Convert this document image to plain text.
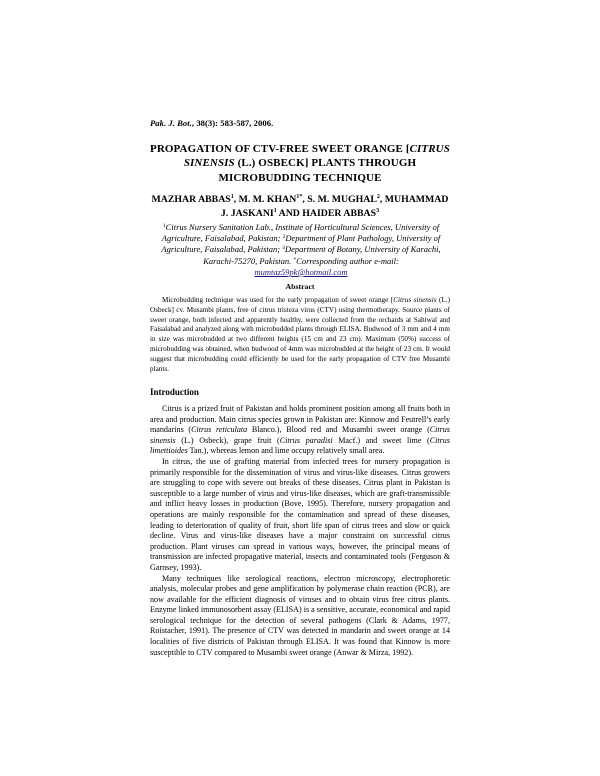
Pak. J. Bot., 38(3): 583-587, 2006.
PROPAGATION OF CTV-FREE SWEET ORANGE [CITRUS SINENSIS (L.) OSBECK] PLANTS THROUGH MICROBUDDING TECHNIQUE
MAZHAR ABBAS$^1$, M. M. $KHAN^{1*}$, S. M. MUGHAL$^2$, MUHAMMAD J. JASKANI$^1$ AND HAIDER ABBAS$^3$
$^1$Citrus Nursery Sanitation Lab., Institute of Horticultural Sciences, University of Agriculture, Faisalabad, Pakistan; $^2$Department of Plant Pathology, University of Agriculture, Faisalabad, Pakistan; $^3$Department of Botany, University of Karachi, Karachi-75270, Pakistan. *Corresponding author e-mail: mumtaz59pk@hotmail.com
Abstract

Microbudding technique was used for the early propagation of sweet orange [Citrus sinensis (L.) Osbeck] cv. Musambi plants, free of citrus tristeza virus (CTV) using thermotherapy. Source plants of sweet orange, both infected and apparently healthy, were collected from the orchards at Sahiwal and Faisalabad and analyzed along with microbudded plants through ELISA. Budwood of 3 mm and 4 mm in size was microbudded at two different heights (15 cm and 23 cm). Maximum (50%) success of microbudding was obtained, when budwood of 4mm was microbudded at the height of 23 cm. It would suggest that microbudding could efficiently be used for the early propagation of CTV free Musambi plants.

Introduction

Citrus is a prized fruit of Pakistan and holds prominent position among all fruits both in area and production. Main citrus species grown in Pakistan are: Kinnow and Feutrell’s early mandarins (Citrus reticulata Blanco.), Blood red and Musambi sweet orange (Citrus sinensis (L.) Osbeck), grape fruit (Citrus paradisi Macf.) and sweet lime (Citrus limettioides Tan.), whereas lemon and lime occupy relatively small area.

In citrus, the use of grafting material from infected trees for nursery propagation is primarily responsible for the dissemination of virus and virus-like diseases. Citrus growers are struggling to cope with severe out breaks of these diseases. Citrus plant in Pakistan is susceptible to a large number of virus and virus-like diseases, which are graft-transmissible and inflict heavy losses in production (Bove, 1995). Therefore, nursery propagation and operations are mainly responsible for the contamination and spread of these diseases, leading to deterioration of quality of fruit, short life span of citrus trees and slow or quick decline. Virus and virus-like diseases have a major constraint on successful citrus production. Plant viruses can spread in various ways, however, the principal means of transmission are infected propagative material, insects and contaminated tools (Ferguson & Garnsey, 1993).

Many techniques like serological reactions, electron microscopy, electrophoretic analysis, molecular probes and gene amplification by polymerase chain reaction (PCR), are now available for the efficient diagnosis of viruses and to obtain virus free citrus plants. Enzyme linked immunosorbent assay (ELISA) is a sensitive, accurate, economical and rapid serological technique for the detection of several pathogens (Clark & Adams, 1977, Roistacher, 1991). The presence of CTV was detected in mandarin and sweet orange at 14 localities of five districts of Pakistan through ELISA. It was found that Kinnow is more susceptible to CTV compared to Musambi sweet orange (Anwar & Mirza, 1992).
